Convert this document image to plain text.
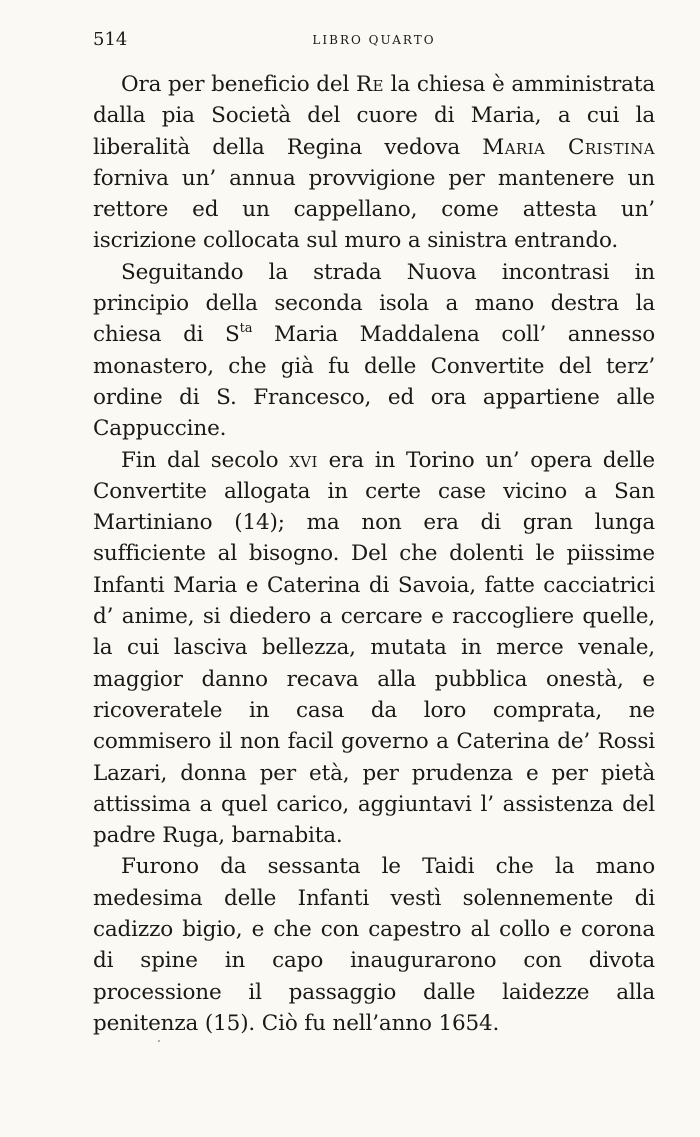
514	LIBRO QUARTO

Ora per beneficio del Re la chiesa è amministrata dalla pia Società del cuore di Maria, a cui la liberalità della Regina vedova Maria Cristina forniva un’ annua provvigione per mantenere un rettore ed un cappellano, come attesta un’ iscrizione collocata sul muro a sinistra entrando.

Seguitando la strada Nuova incontrasi in principio della seconda isola a mano destra la chiesa di $S^{ta}$ Maria Maddalena coll’ annesso monastero, che già fu delle Convertite del terz’ ordine di S. Francesco, ed ora appartiene alle Cappuccine.

Fin dal secolo xvi era in Torino un’ opera delle Convertite allogata in certe case vicino a San Martiniano (14); ma non era di gran lunga sufficiente al bisogno. Del che dolenti le piissime Infanti Maria e Caterina di Savoia, fatte cacciatrici d’ anime, si diedero a cercare e raccogliere quelle, la cui lasciva bellezza, mutata in merce venale, maggior danno recava alla pubblica onestà, e ricoveratele in casa da loro comprata, ne commisero il non facil governo a Caterina de’ Rossi Lazari, donna per età, per prudenza e per pietà attissima a quel carico, aggiuntavi l’ assistenza del padre Ruga, barnabita.

Furono da sessanta le Taidi che la mano medesima delle Infanti vestì solennemente di cadizzo bigio, e che con capestro al collo e corona di spine in capo inaugurarono con divota processione il passaggio dalle laidezze alla penitenza (15). Ciò fu nell’anno 1654.
